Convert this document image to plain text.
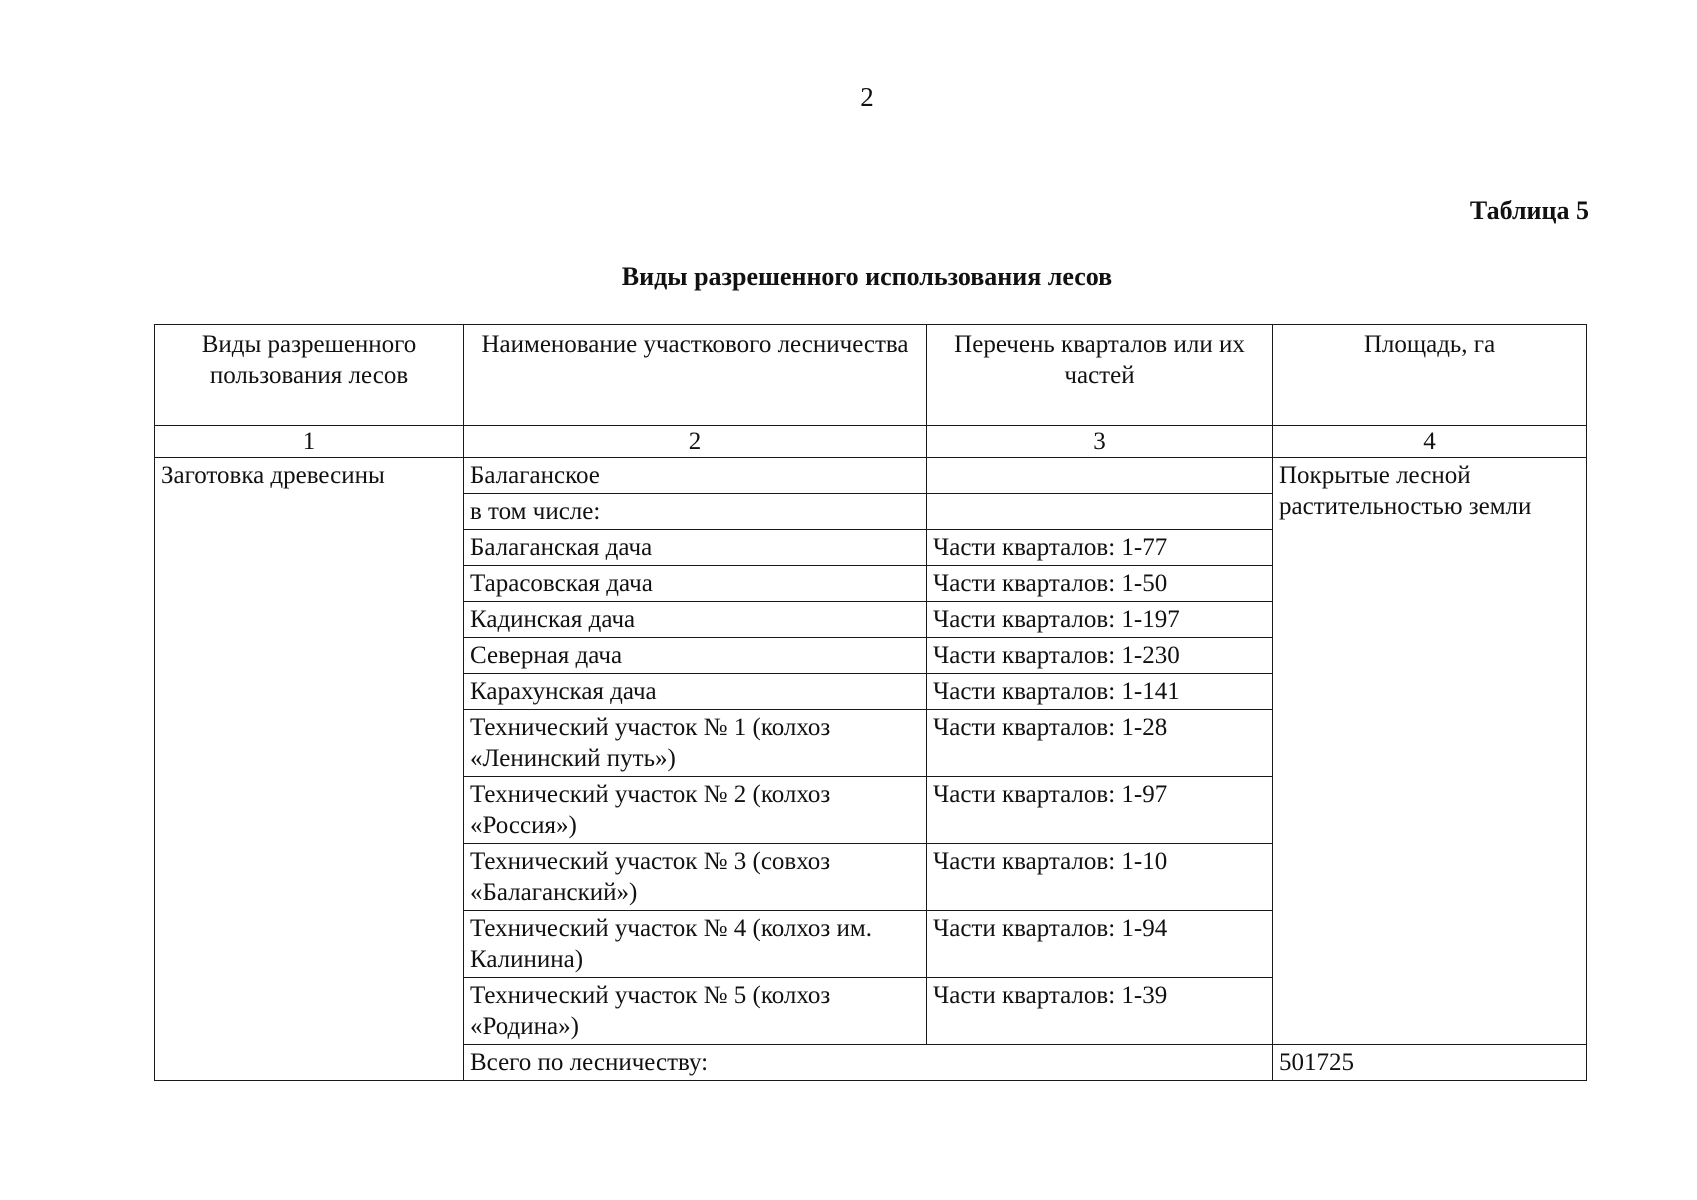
2
Таблица 5
Виды разрешенного использования лесов
Виды разрешенного пользования лесов	Наименование участкового лесничества	Перечень кварталов или их частей	Площадь, га
1	2	3	4
Заготовка древесины	Балаганское		Покрытые лесной растительностью земли
	в том числе:		
	Балаганская дача	Части кварталов: 1-77	
	Тарасовская дача	Части кварталов: 1-50	
	Кадинская дача	Части кварталов: 1-197	
	Северная дача	Части кварталов: 1-230	
	Карахунская дача	Части кварталов: 1-141	
	Технический участок № 1 (колхоз «Ленинский путь»)	Части кварталов: 1-28	
	Технический участок № 2 (колхоз «Россия»)	Части кварталов: 1-97	
	Технический участок № 3 (совхоз «Балаганский»)	Части кварталов: 1-10	
	Технический участок № 4 (колхоз им. Калинина)	Части кварталов: 1-94	
	Технический участок № 5 (колхоз «Родина»)	Части кварталов: 1-39	
	Всего по лесничеству:		501725
